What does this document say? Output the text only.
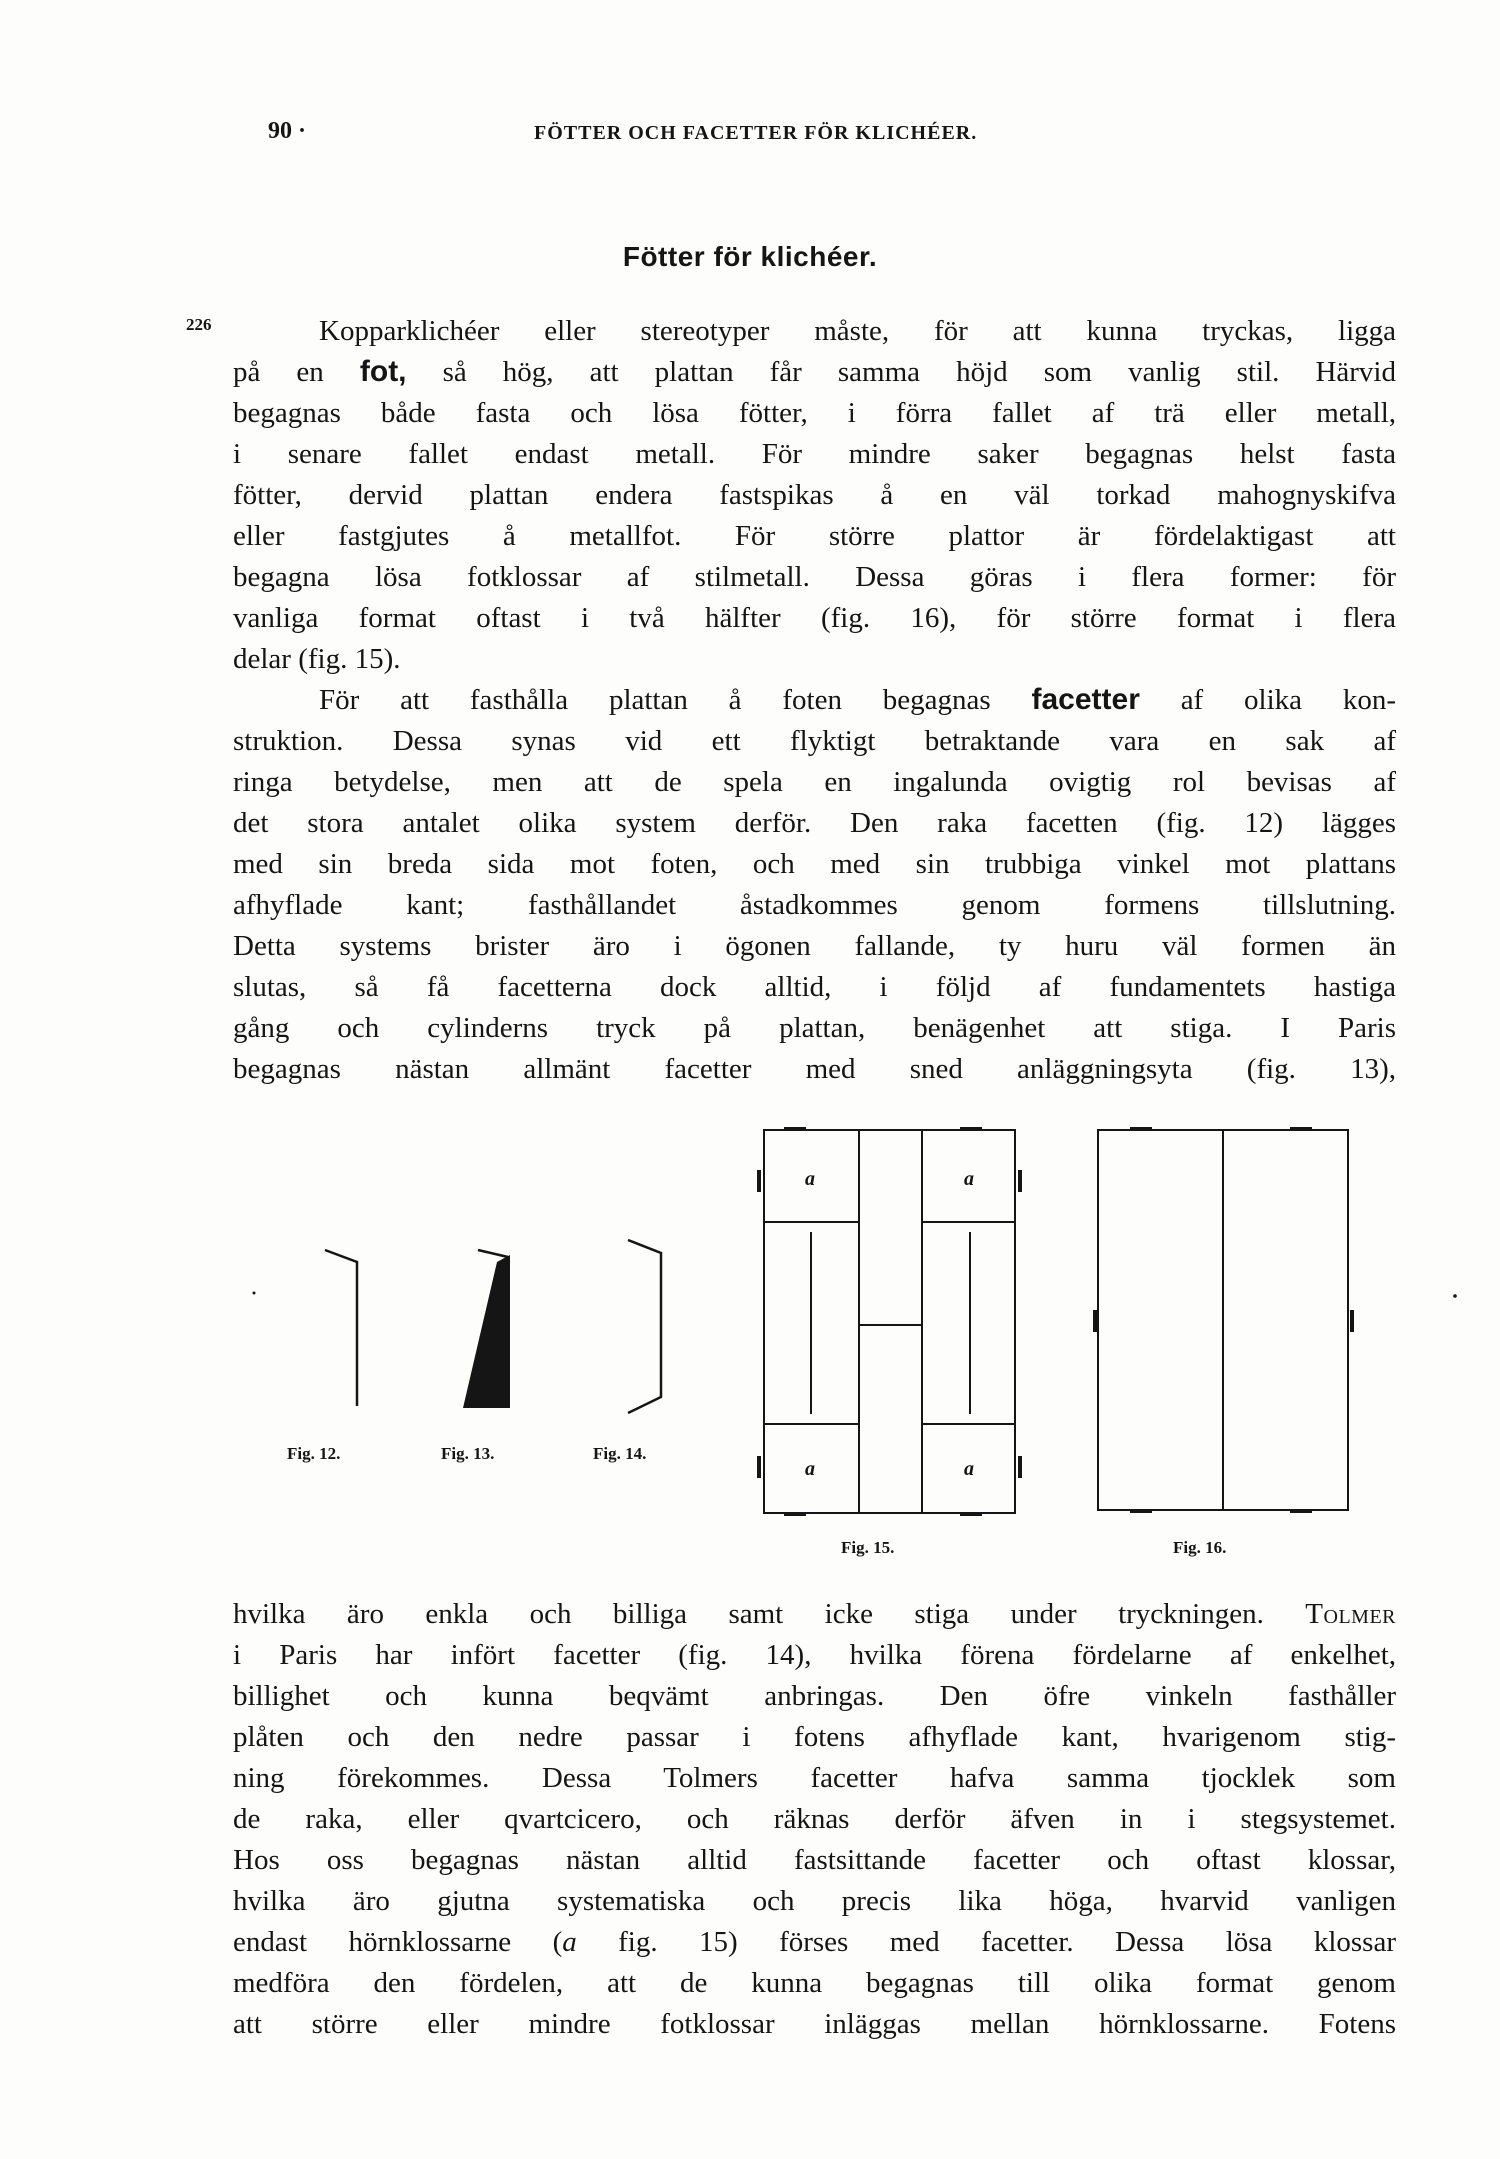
90 ·	FÖTTER OCH FACETTER FÖR KLICHÉER.
Fötter för klichéer.
226	Kopparklichéer eller stereotyper måste, för att kunna tryckas, ligga
på en fot, så hög, att plattan får samma höjd som vanlig stil. Härvid
begagnas både fasta och lösa fötter, i förra fallet af trä eller metall,
i senare fallet endast metall. För mindre saker begagnas helst fasta
fötter, dervid plattan endera fastspikas å en väl torkad mahognyskifva
eller fastgjutes å metallfot. För större plattor är fördelaktigast att
begagna lösa fotklossar af stilmetall. Dessa göras i flera former: för
vanliga format oftast i två hälfter (fig. 16), för större format i flera
delar (fig. 15).
För att fasthålla plattan å foten begagnas facetter af olika kon-
struktion. Dessa synas vid ett flyktigt betraktande vara en sak af
ringa betydelse, men att de spela en ingalunda ovigtig rol bevisas af
det stora antalet olika system derför. Den raka facetten (fig. 12) lägges
med sin breda sida mot foten, och med sin trubbiga vinkel mot plattans
afhyflade kant; fasthållandet åstadkommes genom formens tillslutning.
Detta systems brister äro i ögonen fallande, ty huru väl formen än
slutas, så få facetterna dock alltid, i följd af fundamentets hastiga
gång och cylinderns tryck på plattan, benägenhet att stiga. I Paris
begagnas nästan allmänt facetter med sned anläggningsyta (fig. 13),
Fig. 12.	Fig. 13.	Fig. 14.
a	a
a	a
Fig. 15.	Fig. 16.
hvilka äro enkla och billiga samt icke stiga under tryckningen. Tolmer
i Paris har infört facetter (fig. 14), hvilka förena fördelarne af enkelhet,
billighet och kunna beqvämt anbringas. Den öfre vinkeln fasthåller
plåten och den nedre passar i fotens afhyflade kant, hvarigenom stig-
ning förekommes. Dessa Tolmers facetter hafva samma tjocklek som
de raka, eller qvartcicero, och räknas derför äfven in i stegsystemet.
Hos oss begagnas nästan alltid fastsittande facetter och oftast klossar,
hvilka äro gjutna systematiska och precis lika höga, hvarvid vanligen
endast hörnklossarne (a fig. 15) förses med facetter. Dessa lösa klossar
medföra den fördelen, att de kunna begagnas till olika format genom
att större eller mindre fotklossar inläggas mellan hörnklossarne. Fotens
